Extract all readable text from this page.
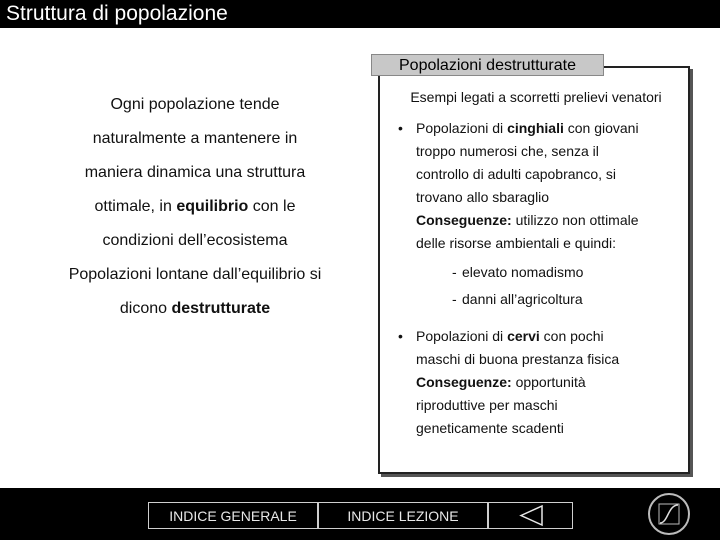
Struttura di popolazione

Ogni popolazione tende

naturalmente a mantenere in

maniera dinamica una struttura

ottimale, in equilibrio con le

condizioni dell’ecosistema

Popolazioni lontane dall’equilibrio si

dicono destrutturate

Popolazioni destrutturate

Esempi legati a scorretti prelievi venatori

• Popolazioni di cinghiali con giovani
troppo numerosi che, senza il
controllo di adulti capobranco, si
trovano allo sbaraglio
Conseguenze: utilizzo non ottimale
delle risorse ambientali e quindi:
- elevato nomadismo
- danni all’agricoltura
• Popolazioni di cervi con pochi
maschi di buona prestanza fisica
Conseguenze: opportunità
riproduttive per maschi
geneticamente scadenti
INDICE GENERALE	INDICE LEZIONE
